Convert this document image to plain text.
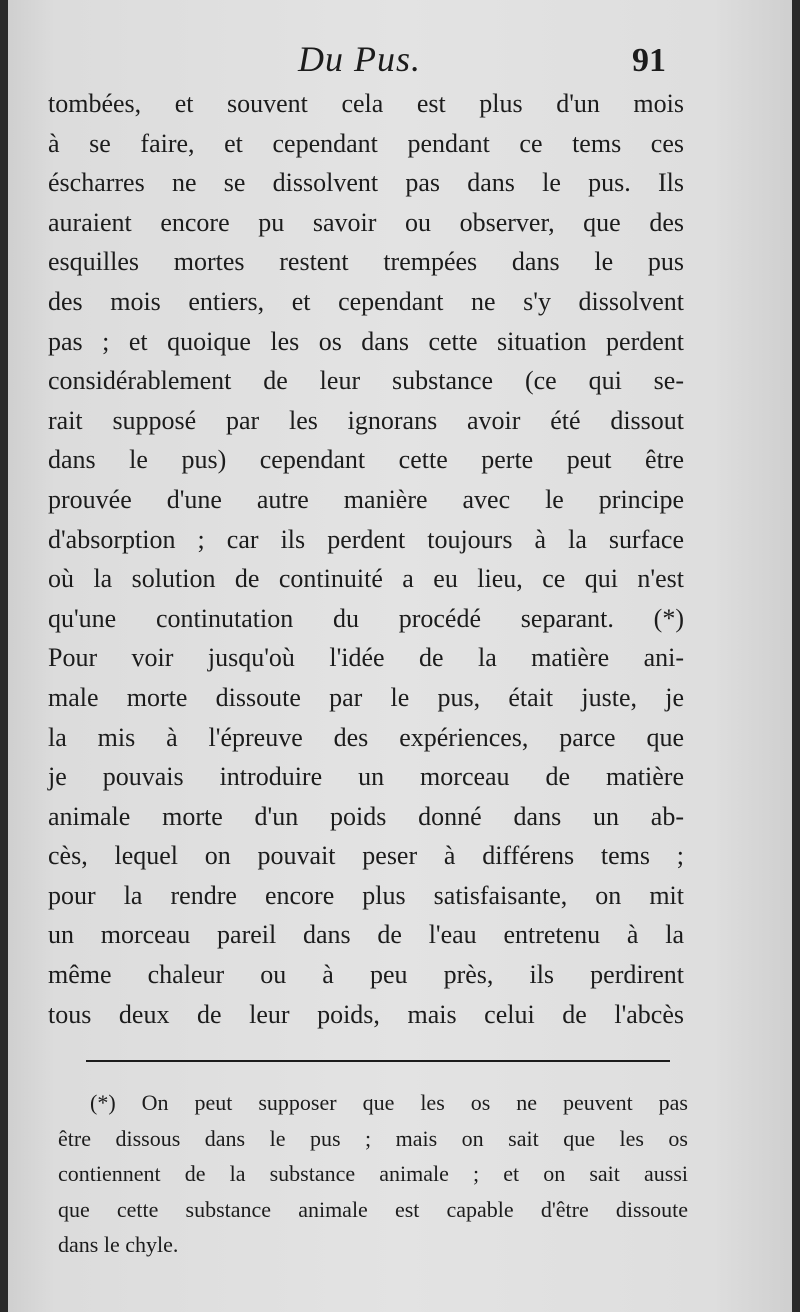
Du Pus.	91
tombées, et souvent cela est plus d'un mois
à se faire, et cependant pendant ce tems ces
éscharres ne se dissolvent pas dans le pus. Ils
auraient encore pu savoir ou observer, que des
esquilles mortes restent trempées dans le pus
des mois entiers, et cependant ne s'y dissolvent
pas ; et quoique les os dans cette situation perdent
considérablement de leur substance (ce qui se-
rait supposé par les ignorans avoir été dissout
dans le pus) cependant cette perte peut être
prouvée d'une autre manière avec le principe
d'absorption ; car ils perdent toujours à la surface
où la solution de continuité a eu lieu, ce qui n'est
qu'une continutation du procédé separant. (*)
Pour voir jusqu'où l'idée de la matière ani-
male morte dissoute par le pus, était juste, je
la mis à l'épreuve des expériences, parce que
je pouvais introduire un morceau de matière
animale morte d'un poids donné dans un ab-
cès, lequel on pouvait peser à différens tems ;
pour la rendre encore plus satisfaisante, on mit
un morceau pareil dans de l'eau entretenu à la
même chaleur ou à peu près, ils perdirent
tous deux de leur poids, mais celui de l'abcès
(*) On peut supposer que les os ne peuvent pas
être dissous dans le pus ; mais on sait que les os
contiennent de la substance animale ; et on sait aussi
que cette substance animale est capable d'être dissoute
dans le chyle.
